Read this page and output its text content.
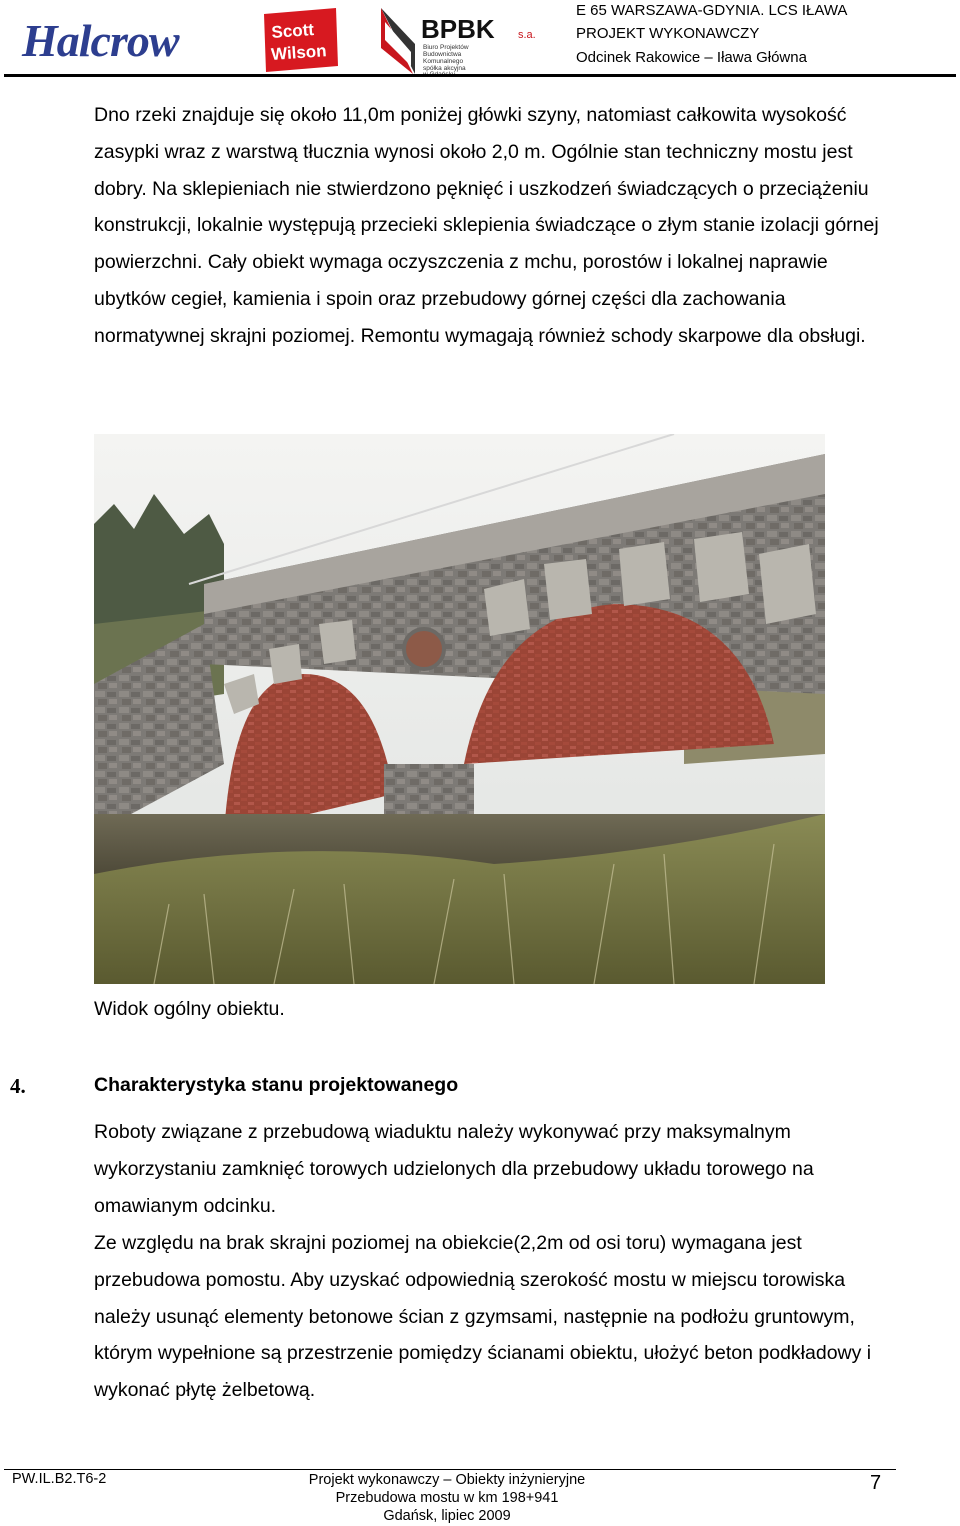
Halcrow	Scott
Wilson
BPBK s.a.
Biuro Projektów
Budownictwa
Komunalnego
spółka akcyjna
E 65 WARSZAWA-GDYNIA. LCS IŁAWA
PROJEKT WYKONAWCZY
Odcinek Rakowice – Iława Główna
Dno rzeki znajduje się około 11,0m poniżej główki szyny, natomiast całkowita wysokość zasypki wraz z warstwą tłucznia wynosi około 2,0 m. Ogólnie stan techniczny mostu jest dobry. Na sklepieniach nie stwierdzono pęknięć i uszkodzeń świadczących o przeciążeniu konstrukcji, lokalnie występują przecieki sklepienia świadczące o złym stanie izolacji górnej powierzchni. Cały obiekt wymaga oczyszczenia z mchu, porostów i lokalnej naprawie ubytków cegieł, kamienia i spoin oraz przebudowy górnej części dla zachowania normatywnej skrajni poziomej. Remontu wymagają również schody skarpowe dla obsługi.
Widok ogólny obiektu.
4.	Charakterystyka stanu projektowanego
Roboty związane z przebudową wiaduktu należy wykonywać przy maksymalnym wykorzystaniu zamknięć torowych udzielonych dla przebudowy układu torowego na omawianym odcinku.
Ze względu na brak skrajni poziomej na obiekcie(2,2m od osi toru) wymagana jest przebudowa pomostu. Aby uzyskać odpowiednią szerokość mostu w miejscu torowiska należy usunąć elementy betonowe ścian z gzymsami, następnie na podłożu gruntowym, którym wypełnione są przestrzenie pomiędzy ścianami obiektu, ułożyć beton podkładowy i wykonać płytę żelbetową.
PW.IL.B2.T6-2	Projekt wykonawczy – Obiekty inżynieryjne
Przebudowa mostu w km 198+941
Gdańsk, lipiec 2009
7
